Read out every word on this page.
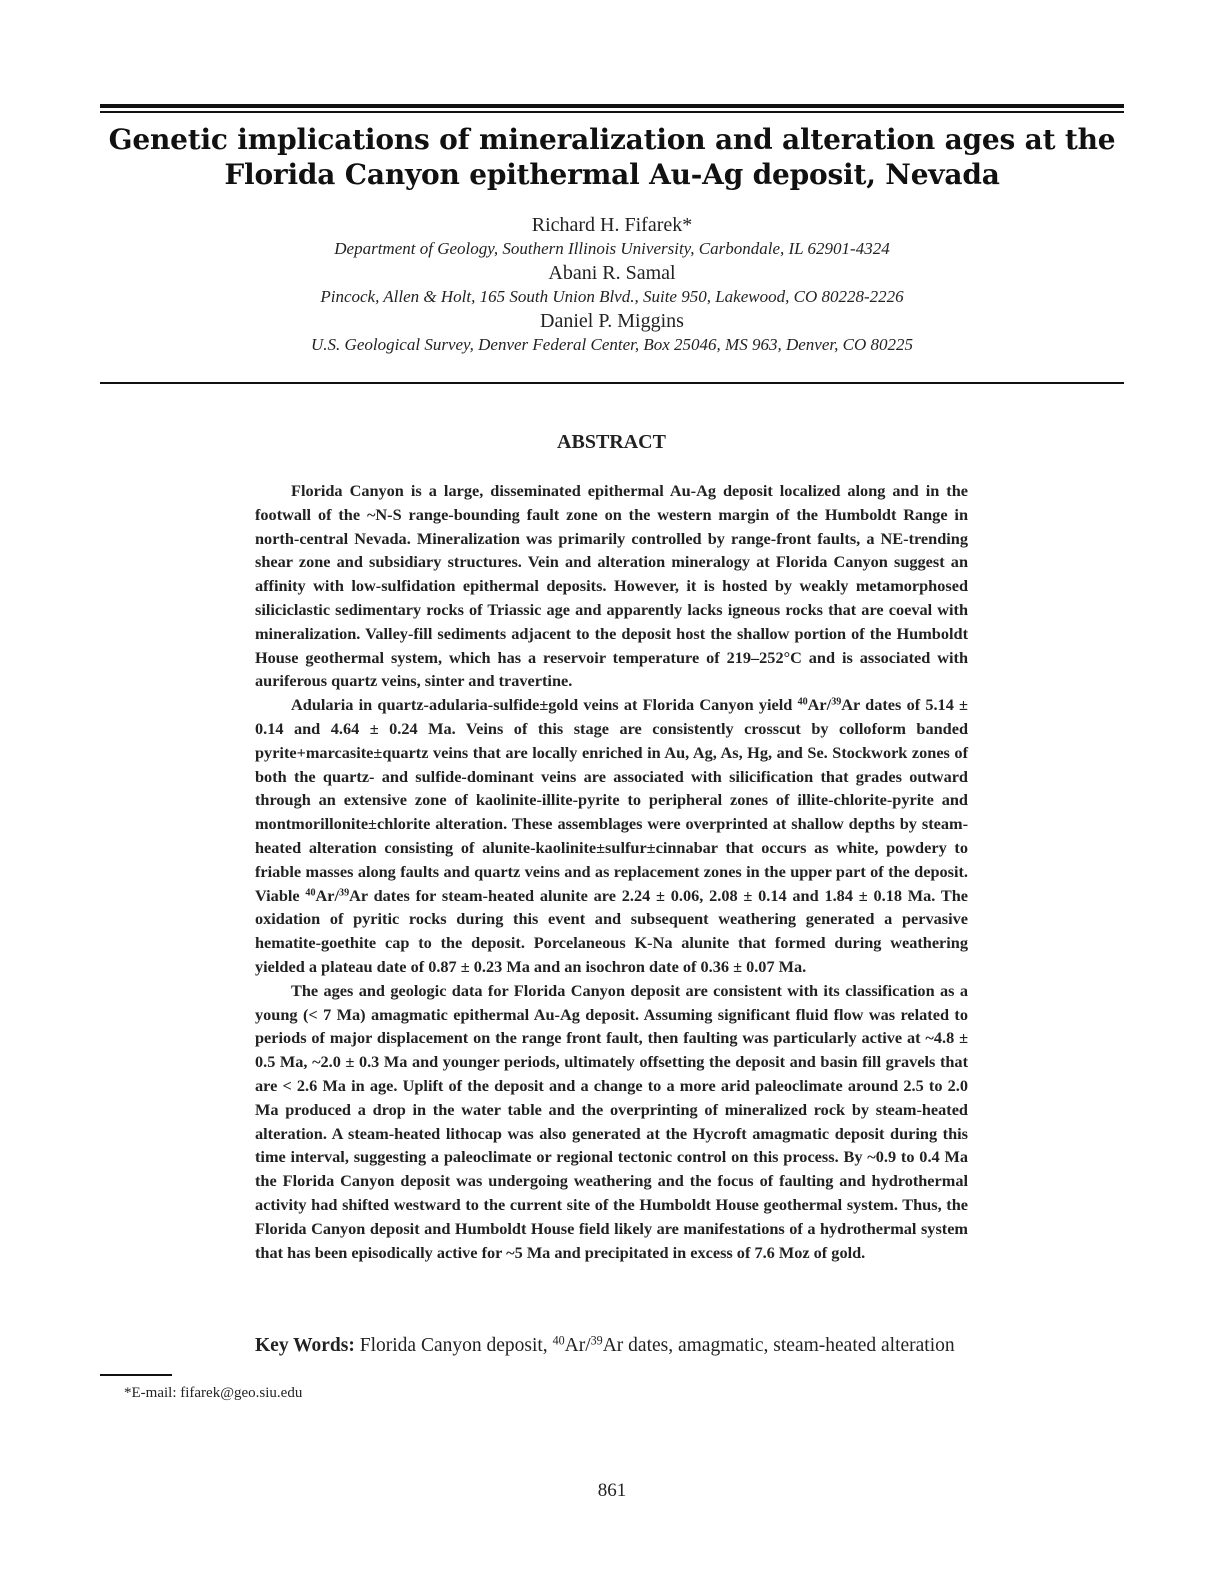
Genetic implications of mineralization and alteration ages at the Florida Canyon epithermal Au-Ag deposit, Nevada
Richard H. Fifarek*
Department of Geology, Southern Illinois University, Carbondale, IL 62901-4324
Abani R. Samal
Pincock, Allen & Holt, 165 South Union Blvd., Suite 950, Lakewood, CO 80228-2226
Daniel P. Miggins
U.S. Geological Survey, Denver Federal Center, Box 25046, MS 963, Denver, CO 80225
ABSTRACT

Florida Canyon is a large, disseminated epithermal Au-Ag deposit localized along and in the footwall of the ~N-S range-bounding fault zone on the western margin of the Humboldt Range in north-central Nevada. Mineralization was primarily controlled by range-front faults, a NE-trending shear zone and subsidiary structures. Vein and alteration mineralogy at Florida Canyon suggest an affinity with low-sulfidation epithermal deposits. However, it is hosted by weakly metamorphosed siliciclastic sedimentary rocks of Triassic age and apparently lacks igneous rocks that are coeval with mineralization. Valley-fill sediments adjacent to the deposit host the shallow portion of the Humboldt House geothermal system, which has a reservoir temperature of 219–252°C and is associated with auriferous quartz veins, sinter and travertine.

Adularia in quartz-adularia-sulfide±gold veins at Florida Canyon yield $^{40}$Ar/$^{39}$Ar dates of 5.14 ± 0.14 and 4.64 ± 0.24 Ma. Veins of this stage are consistently crosscut by colloform banded pyrite+marcasite±quartz veins that are locally enriched in Au, Ag, As, Hg, and Se. Stockwork zones of both the quartz- and sulfide-dominant veins are associated with silicification that grades outward through an extensive zone of kaolinite-illite-pyrite to peripheral zones of illite-chlorite-pyrite and montmorillonite±chlorite alteration. These assemblages were overprinted at shallow depths by steam-heated alteration consisting of alunite-kaolinite±sulfur±cinnabar that occurs as white, powdery to friable masses along faults and quartz veins and as replacement zones in the upper part of the deposit. Viable $^{40}$Ar/$^{39}$Ar dates for steam-heated alunite are 2.24 ± 0.06, 2.08 ± 0.14 and 1.84 ± 0.18 Ma. The oxidation of pyritic rocks during this event and subsequent weathering generated a pervasive hematite-goethite cap to the deposit. Porcelaneous K-Na alunite that formed during weathering yielded a plateau date of 0.87 ± 0.23 Ma and an isochron date of 0.36 ± 0.07 Ma.

The ages and geologic data for Florida Canyon deposit are consistent with its classification as a young (< 7 Ma) amagmatic epithermal Au-Ag deposit. Assuming significant fluid flow was related to periods of major displacement on the range front fault, then faulting was particularly active at ~4.8 ± 0.5 Ma, ~2.0 ± 0.3 Ma and younger periods, ultimately offsetting the deposit and basin fill gravels that are < 2.6 Ma in age. Uplift of the deposit and a change to a more arid paleoclimate around 2.5 to 2.0 Ma produced a drop in the water table and the overprinting of mineralized rock by steam-heated alteration. A steam-heated lithocap was also generated at the Hycroft amagmatic deposit during this time interval, suggesting a paleoclimate or regional tectonic control on this process. By ~0.9 to 0.4 Ma the Florida Canyon deposit was undergoing weathering and the focus of faulting and hydrothermal activity had shifted westward to the current site of the Humboldt House geothermal system. Thus, the Florida Canyon deposit and Humboldt House field likely are manifestations of a hydrothermal system that has been episodically active for ~5 Ma and precipitated in excess of 7.6 Moz of gold.

Key Words: Florida Canyon deposit, $^{40}$Ar/$^{39}$Ar dates, amagmatic, steam-heated alteration
*E-mail: fifarek@geo.siu.edu
861
